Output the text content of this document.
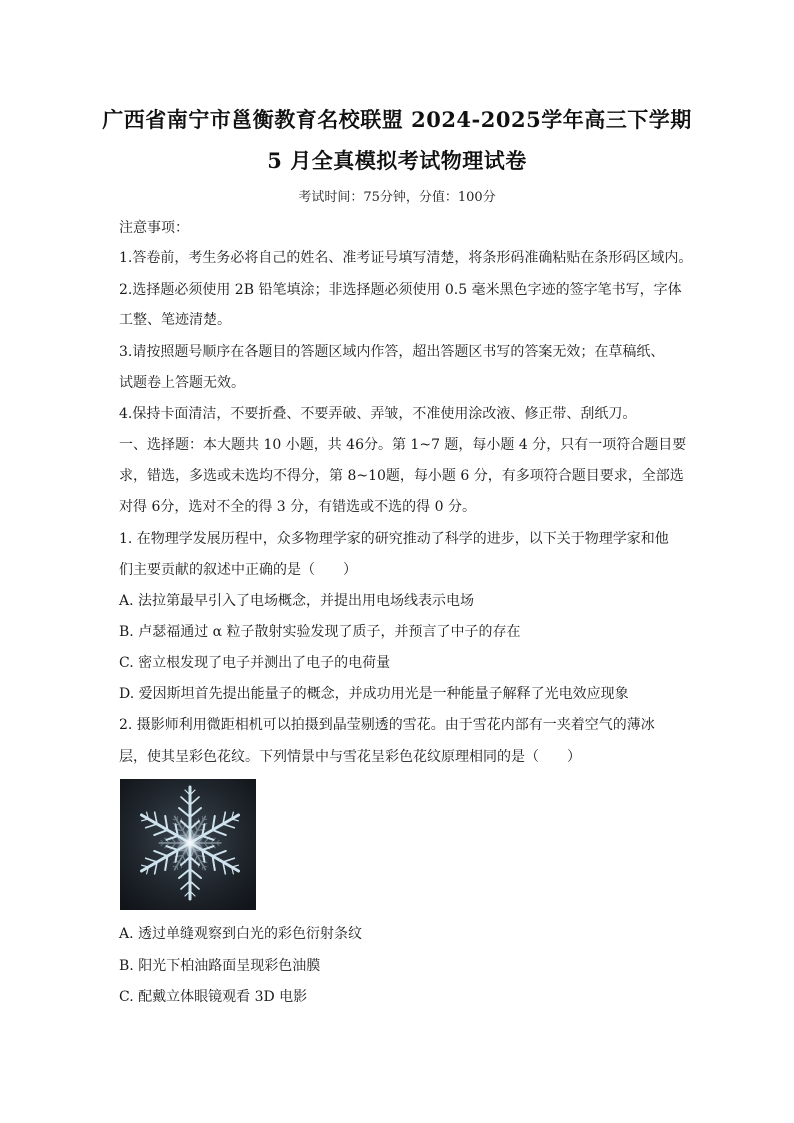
广西省南宁市邕衡教育名校联盟 2024-2025学年高三下学期
5 月全真模拟考试物理试卷
考试时间：75分钟，分值：100分
注意事项：
1.答卷前，考生务必将自己的姓名、准考证号填写清楚，将条形码准确粘贴在条形码区域内。
2.选择题必须使用 2B 铅笔填涂；非选择题必须使用 0.5 毫米黑色字迹的签字笔书写，字体
工整、笔迹清楚。
3.请按照题号顺序在各题目的答题区域内作答，超出答题区书写的答案无效；在草稿纸、
试题卷上答题无效。
4.保持卡面清洁，不要折叠、不要弄破、弄皱，不准使用涂改液、修正带、刮纸刀。
一、选择题：本大题共 10 小题，共 46分。第 1~7 题，每小题 4 分，只有一项符合题目要
求，错选，多选或未选均不得分，第 8~10题，每小题 6 分，有多项符合题目要求，全部选
对得 6分，选对不全的得 3 分，有错选或不选的得 0 分。
1. 在物理学发展历程中，众多物理学家的研究推动了科学的进步，以下关于物理学家和他
们主要贡献的叙述中正确的是（　　）
A. 法拉第最早引入了电场概念，并提出用电场线表示电场
B. 卢瑟福通过 α 粒子散射实验发现了质子，并预言了中子的存在
C. 密立根发现了电子并测出了电子的电荷量
D. 爱因斯坦首先提出能量子的概念，并成功用光是一种能量子解释了光电效应现象
2. 摄影师利用微距相机可以拍摄到晶莹剔透的雪花。由于雪花内部有一夹着空气的薄冰
层，使其呈彩色花纹。下列情景中与雪花呈彩色花纹原理相同的是（　　）
A. 透过单缝观察到白光的彩色衍射条纹
B. 阳光下柏油路面呈现彩色油膜
C. 配戴立体眼镜观看 3D 电影
